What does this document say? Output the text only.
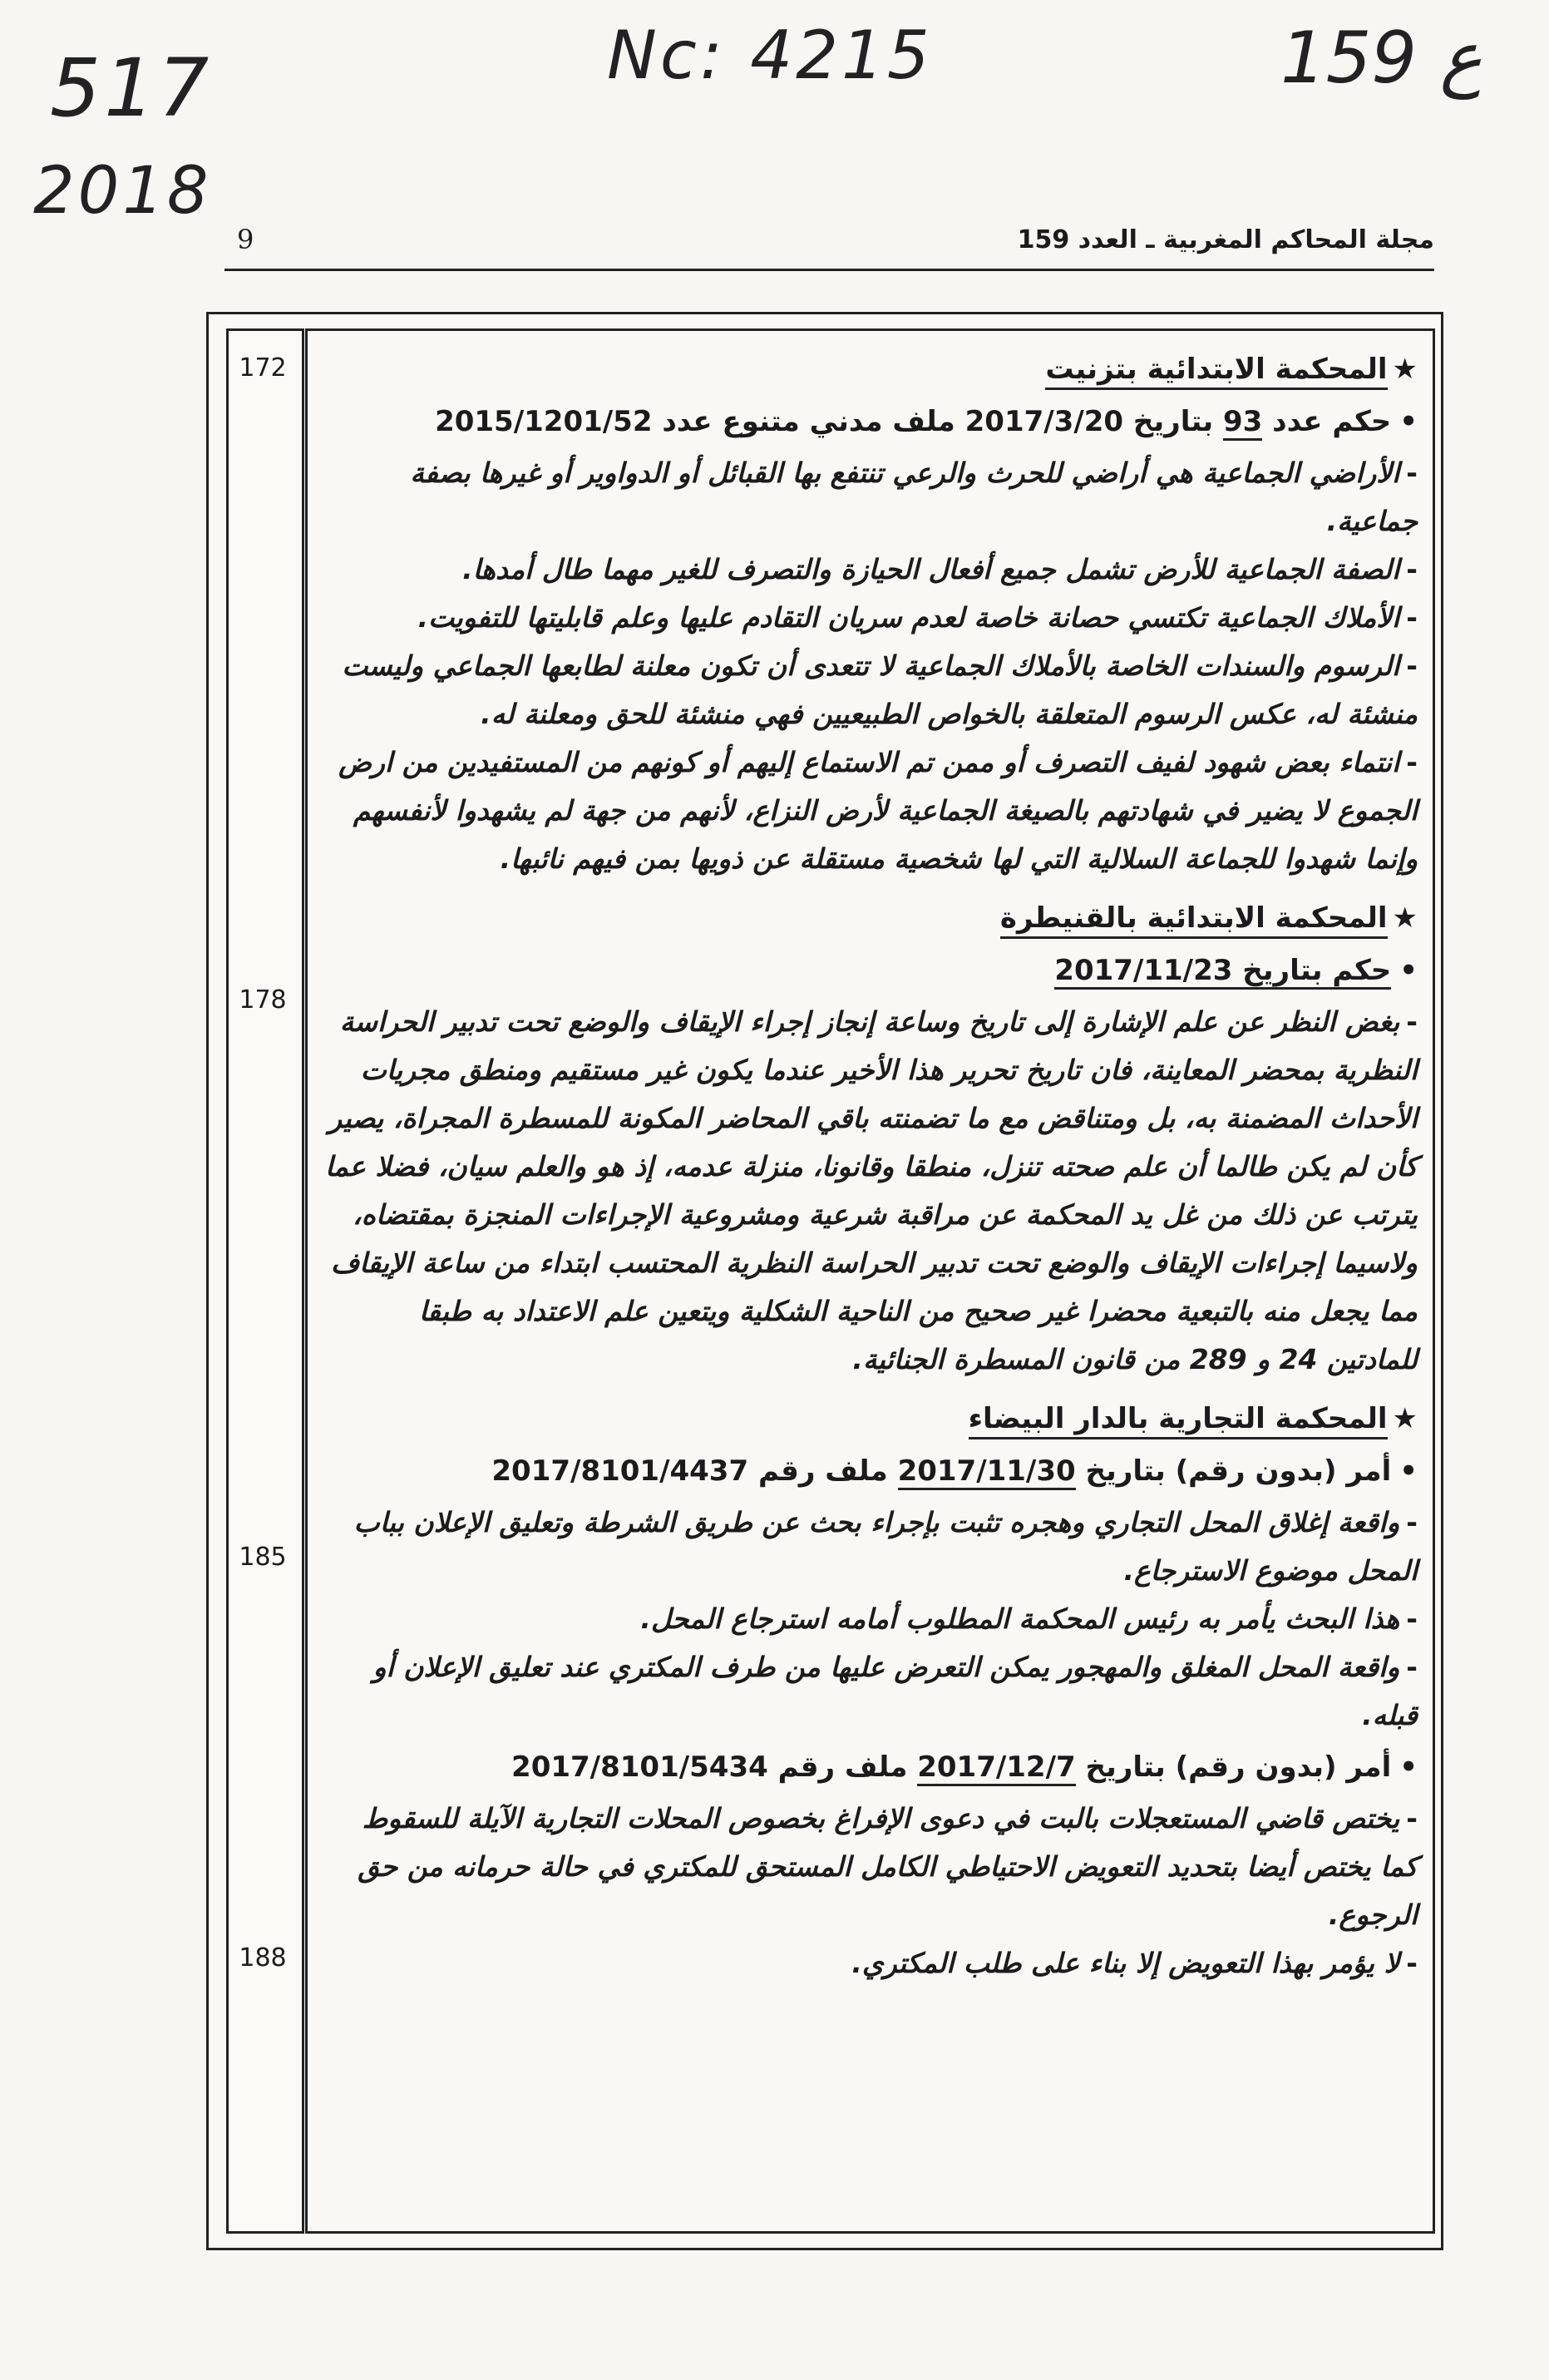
517
2018
Nc: 4215	159 ع
مجلة المحاكم المغربية ـ العدد 159
9
172
178
185
188
★المحكمة الابتدائية بتزنيت
•حكم عدد 93 بتاريخ 2017/3/20 ملف مدني متنوع عدد 2015/1201/52
-الأراضي الجماعية هي أراضي للحرث والرعي تنتفع بها القبائل أو الدواوير أو غيرها بصفة جماعية.
-الصفة الجماعية للأرض تشمل جميع أفعال الحيازة والتصرف للغير مهما طال أمدها.
-الأملاك الجماعية تكتسي حصانة خاصة لعدم سريان التقادم عليها وعلم قابليتها للتفويت.
-الرسوم والسندات الخاصة بالأملاك الجماعية لا تتعدى أن تكون معلنة لطابعها الجماعي وليست منشئة له، عكس الرسوم المتعلقة بالخواص الطبيعيين فهي منشئة للحق ومعلنة له.
-انتماء بعض شهود لفيف التصرف أو ممن تم الاستماع إليهم أو كونهم من المستفيدين من ارض الجموع لا يضير في شهادتهم بالصيغة الجماعية لأرض النزاع، لأنهم من جهة لم يشهدوا لأنفسهم وإنما شهدوا للجماعة السلالية التي لها شخصية مستقلة عن ذويها بمن فيهم نائبها.
★المحكمة الابتدائية بالقنيطرة
•حكم بتاريخ 2017/11/23
-بغض النظر عن علم الإشارة إلى تاريخ وساعة إنجاز إجراء الإيقاف والوضع تحت تدبير الحراسة النظرية بمحضر المعاينة، فان تاريخ تحرير هذا الأخير عندما يكون غير مستقيم ومنطق مجريات الأحداث المضمنة به، بل ومتناقض مع ما تضمنته باقي المحاضر المكونة للمسطرة المجراة، يصير كأن لم يكن طالما أن علم صحته تنزل، منطقا وقانونا، منزلة عدمه، إذ هو والعلم سيان، فضلا عما يترتب عن ذلك من غل يد المحكمة عن مراقبة شرعية ومشروعية الإجراءات المنجزة بمقتضاه، ولاسيما إجراءات الإيقاف والوضع تحت تدبير الحراسة النظرية المحتسب ابتداء من ساعة الإيقاف مما يجعل منه بالتبعية محضرا غير صحيح من الناحية الشكلية ويتعين علم الاعتداد به طبقا للمادتين 24 و 289 من قانون المسطرة الجنائية.
★المحكمة التجارية بالدار البيضاء
•أمر (بدون رقم) بتاريخ 2017/11/30 ملف رقم 2017/8101/4437
-واقعة إغلاق المحل التجاري وهجره تثبت بإجراء بحث عن طريق الشرطة وتعليق الإعلان بباب المحل موضوع الاسترجاع.
-هذا البحث يأمر به رئيس المحكمة المطلوب أمامه استرجاع المحل.
-واقعة المحل المغلق والمهجور يمكن التعرض عليها من طرف المكتري عند تعليق الإعلان أو قبله.
•أمر (بدون رقم) بتاريخ 2017/12/7 ملف رقم 2017/8101/5434
-يختص قاضي المستعجلات بالبت في دعوى الإفراغ بخصوص المحلات التجارية الآيلة للسقوط كما يختص أيضا بتحديد التعويض الاحتياطي الكامل المستحق للمكتري في حالة حرمانه من حق الرجوع.
-لا يؤمر بهذا التعويض إلا بناء على طلب المكتري.
